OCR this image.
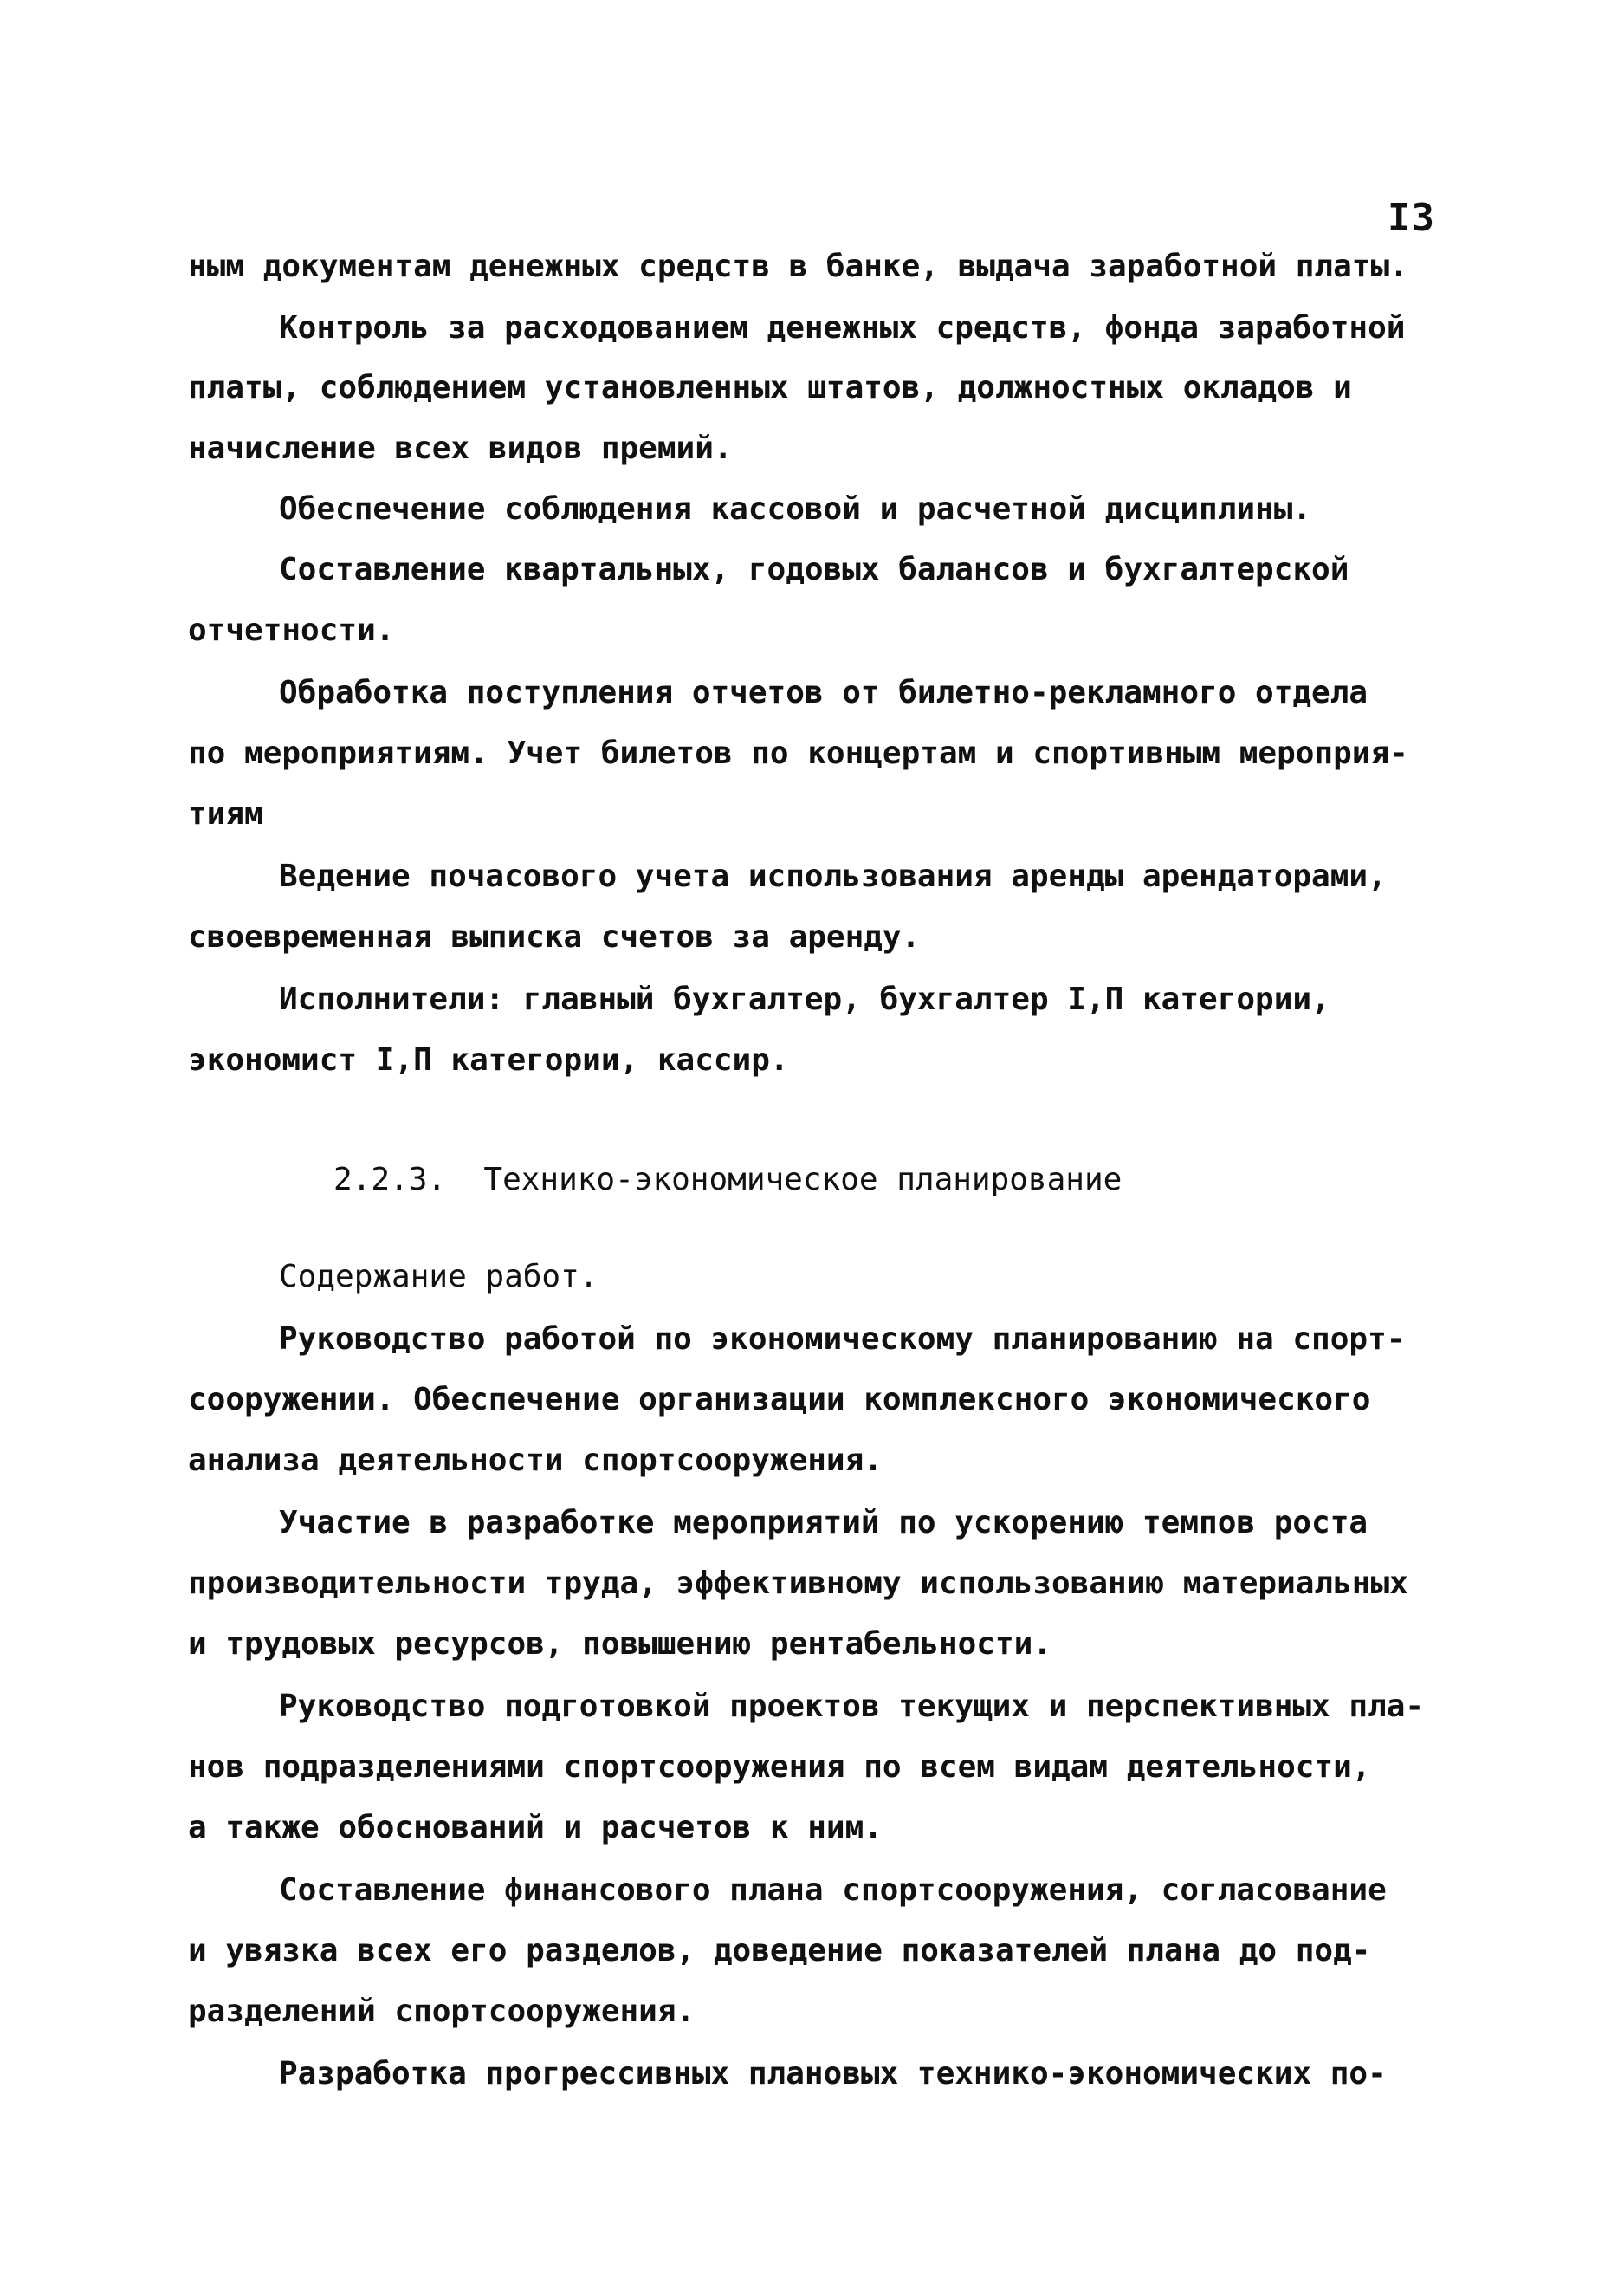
I3
ным документам денежных средств в банке, выдача заработной платы.
Контроль за расходованием денежных средств, фонда заработной
платы, соблюдением установленных штатов, должностных окладов и
начисление всех видов премий.
Обеспечение соблюдения кассовой и расчетной дисциплины.
Составление квартальных, годовых балансов и бухгалтерской
отчетности.
Обработка поступления отчетов от билетно-рекламного отдела
по мероприятиям. Учет билетов по концертам и спортивным мероприя-
тиям
Ведение почасового учета использования аренды арендаторами,
своевременная выписка счетов за аренду.
Исполнители: главный бухгалтер, бухгалтер I,П категории,
экономист I,П категории, кассир.
2.2.3.  Технико-экономическое планирование
Содержание работ.
Руководство работой по экономическому планированию на спорт-
сооружении. Обеспечение организации комплексного экономического
анализа деятельности спортсооружения.
Участие в разработке мероприятий по ускорению темпов роста
производительности труда, эффективному использованию материальных
и трудовых ресурсов, повышению рентабельности.
Руководство подготовкой проектов текущих и перспективных пла-
нов подразделениями спортсооружения по всем видам деятельности,
а также обоснований и расчетов к ним.
Составление финансового плана спортсооружения, согласование
и увязка всех его разделов, доведение показателей плана до под-
разделений спортсооружения.
Разработка прогрессивных плановых технико-экономических по-
